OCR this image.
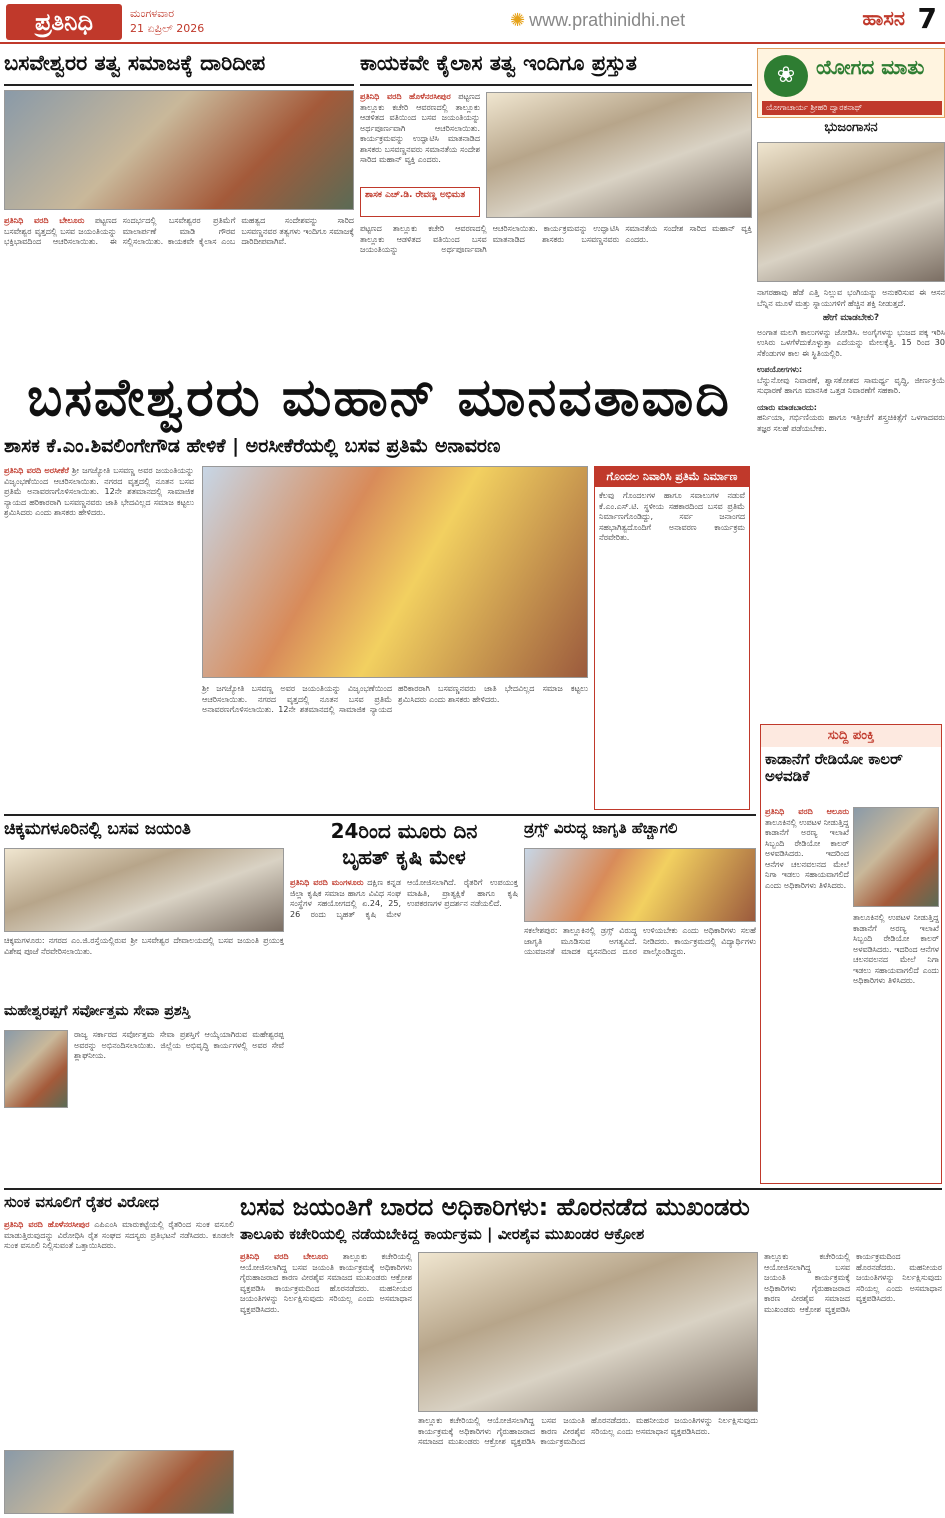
ಪ್ರತಿನಿಧಿ	ಮಂಗಳವಾರ
21 ಏಪ್ರಿಲ್ 2026	✺ www.prathinidhi.net	ಹಾಸನ 7
ಬಸವೇಶ್ವರರ ತತ್ವ ಸಮಾಜಕ್ಕೆ ದಾರಿದೀಪ
ಪ್ರತಿನಿಧಿ ವರದಿ ಬೇಲೂರು ಪಟ್ಟಣದ ಬಸವೇಶ್ವರ ವೃತ್ತದಲ್ಲಿ ಬಸವ ಜಯಂತಿಯನ್ನು ಭಕ್ತಿಭಾವದಿಂದ ಆಚರಿಸಲಾಯಿತು. ಈ ಸಂದರ್ಭದಲ್ಲಿ ಬಸವೇಶ್ವರರ ಪ್ರತಿಮೆಗೆ ಮಾಲಾರ್ಪಣೆ ಮಾಡಿ ಗೌರವ ಸಲ್ಲಿಸಲಾಯಿತು. ಕಾಯಕವೇ ಕೈಲಾಸ ಎಂಬ ಮಹತ್ವದ ಸಂದೇಶವನ್ನು ಸಾರಿದ ಬಸವಣ್ಣನವರ ತತ್ವಗಳು ಇಂದಿಗೂ ಸಮಾಜಕ್ಕೆ ದಾರಿದೀಪವಾಗಿವೆ.
ಕಾಯಕವೇ ಕೈಲಾಸ ತತ್ವ ಇಂದಿಗೂ ಪ್ರಸ್ತುತ
ಪ್ರತಿನಿಧಿ ವರದಿ ಹೊಳೆನರಸೀಪುರ ಪಟ್ಟಣದ ತಾಲ್ಲೂಕು ಕಚೇರಿ ಆವರಣದಲ್ಲಿ ತಾಲ್ಲೂಕು ಆಡಳಿತದ ವತಿಯಿಂದ ಬಸವ ಜಯಂತಿಯನ್ನು ಅರ್ಥಪೂರ್ಣವಾಗಿ ಆಚರಿಸಲಾಯಿತು. ಕಾರ್ಯಕ್ರಮವನ್ನು ಉದ್ಘಾಟಿಸಿ ಮಾತನಾಡಿದ ಶಾಸಕರು ಬಸವಣ್ಣನವರು ಸಮಾನತೆಯ ಸಂದೇಶ ಸಾರಿದ ಮಹಾನ್ ವ್ಯಕ್ತಿ ಎಂದರು.
ಶಾಸಕ ಎಚ್.ಡಿ. ರೇವಣ್ಣ ಅಭಿಮತ
ಪಟ್ಟಣದ ತಾಲ್ಲೂಕು ಕಚೇರಿ ಆವರಣದಲ್ಲಿ ತಾಲ್ಲೂಕು ಆಡಳಿತದ ವತಿಯಿಂದ ಬಸವ ಜಯಂತಿಯನ್ನು ಅರ್ಥಪೂರ್ಣವಾಗಿ ಆಚರಿಸಲಾಯಿತು. ಕಾರ್ಯಕ್ರಮವನ್ನು ಉದ್ಘಾಟಿಸಿ ಮಾತನಾಡಿದ ಶಾಸಕರು ಬಸವಣ್ಣನವರು ಸಮಾನತೆಯ ಸಂದೇಶ ಸಾರಿದ ಮಹಾನ್ ವ್ಯಕ್ತಿ ಎಂದರು.
❀	ಯೋಗದ ಮಾತು
ಯೋಗಾಚಾರ್ಯ ಶ್ರೀಹರಿ ದ್ವಾರಕನಾಥ್
ಭುಜಂಗಾಸನ
ನಾಗರಹಾವು ಹೆಡೆ ಎತ್ತಿ ನಿಲ್ಲುವ ಭಂಗಿಯನ್ನು ಅನುಕರಿಸುವ ಈ ಆಸನ ಬೆನ್ನಿನ ಮೂಳೆ ಮತ್ತು ಸ್ನಾಯುಗಳಿಗೆ ಹೆಚ್ಚಿನ ಶಕ್ತಿ ನೀಡುತ್ತದೆ.
ಹೇಗೆ ಮಾಡಬೇಕು?
ಅಂಗಾತ ಮಲಗಿ ಕಾಲುಗಳನ್ನು ಜೋಡಿಸಿ. ಅಂಗೈಗಳನ್ನು ಭುಜದ ಪಕ್ಕ ಇರಿಸಿ ಉಸಿರು ಒಳಗೆಳೆದುಕೊಳ್ಳುತ್ತಾ ಎದೆಯನ್ನು ಮೇಲಕ್ಕೆತ್ತಿ. 15 ರಿಂದ 30 ಸೆಕೆಂಡುಗಳ ಕಾಲ ಈ ಸ್ಥಿತಿಯಲ್ಲಿರಿ.
ಉಪಯೋಗಗಳು:
ಬೆನ್ನುನೋವು ನಿವಾರಣೆ, ಶ್ವಾಸಕೋಶದ ಸಾಮರ್ಥ್ಯ ವೃದ್ಧಿ, ಜೀರ್ಣಕ್ರಿಯೆ ಸುಧಾರಣೆ ಹಾಗೂ ಮಾನಸಿಕ ಒತ್ತಡ ನಿವಾರಣೆಗೆ ಸಹಕಾರಿ.
ಯಾರು ಮಾಡಬಾರದು:
ಹರ್ನಿಯಾ, ಗರ್ಭಿಣಿಯರು ಹಾಗೂ ಇತ್ತೀಚೆಗೆ ಶಸ್ತ್ರಚಿಕಿತ್ಸೆಗೆ ಒಳಗಾದವರು ತಜ್ಞರ ಸಲಹೆ ಪಡೆಯಬೇಕು.
ಬಸವೇಶ್ವರರು ಮಹಾನ್ ಮಾನವತಾವಾದಿ
ಶಾಸಕ ಕೆ.ಎಂ.ಶಿವಲಿಂಗೇಗೌಡ ಹೇಳಿಕೆ | ಅರಸೀಕೆರೆಯಲ್ಲಿ ಬಸವ ಪ್ರತಿಮೆ ಅನಾವರಣ
ಪ್ರತಿನಿಧಿ ವರದಿ ಅರಸೀಕೆರೆ ಶ್ರೀ ಜಗಜ್ಯೋತಿ ಬಸವಣ್ಣ ಅವರ ಜಯಂತಿಯನ್ನು ವಿಜೃಂಭಣೆಯಿಂದ ಆಚರಿಸಲಾಯಿತು. ನಗರದ ವೃತ್ತದಲ್ಲಿ ನೂತನ ಬಸವ ಪ್ರತಿಮೆ ಅನಾವರಣಗೊಳಿಸಲಾಯಿತು. 12ನೇ ಶತಮಾನದಲ್ಲಿ ಸಾಮಾಜಿಕ ನ್ಯಾಯದ ಹರಿಕಾರರಾಗಿ ಬಸವಣ್ಣನವರು ಜಾತಿ ಭೇದವಿಲ್ಲದ ಸಮಾಜ ಕಟ್ಟಲು ಶ್ರಮಿಸಿದರು ಎಂದು ಶಾಸಕರು ಹೇಳಿದರು.
ಶ್ರೀ ಜಗಜ್ಯೋತಿ ಬಸವಣ್ಣ ಅವರ ಜಯಂತಿಯನ್ನು ವಿಜೃಂಭಣೆಯಿಂದ ಆಚರಿಸಲಾಯಿತು. ನಗರದ ವೃತ್ತದಲ್ಲಿ ನೂತನ ಬಸವ ಪ್ರತಿಮೆ ಅನಾವರಣಗೊಳಿಸಲಾಯಿತು. 12ನೇ ಶತಮಾನದಲ್ಲಿ ಸಾಮಾಜಿಕ ನ್ಯಾಯದ ಹರಿಕಾರರಾಗಿ ಬಸವಣ್ಣನವರು ಜಾತಿ ಭೇದವಿಲ್ಲದ ಸಮಾಜ ಕಟ್ಟಲು ಶ್ರಮಿಸಿದರು ಎಂದು ಶಾಸಕರು ಹೇಳಿದರು.
ಗೊಂದಲ ನಿವಾರಿಸಿ ಪ್ರತಿಮೆ ನಿರ್ಮಾಣ
ಕೆಲವು ಗೊಂದಲಗಳ ಹಾಗೂ ಸವಾಲುಗಳ ನಡುವೆ ಕೆ.ಎಂ.ಎಸ್.ಟಿ. ಸ್ಥಳೀಯ ಸಹಕಾರದಿಂದ ಬಸವ ಪ್ರತಿಮೆ ನಿರ್ಮಾಣಗೊಂಡಿದ್ದು, ಸರ್ವ ಜನಾಂಗದ ಸಹಭಾಗಿತ್ವದೊಂದಿಗೆ ಅನಾವರಣ ಕಾರ್ಯಕ್ರಮ ನೆರವೇರಿತು.
ಸುದ್ದಿ ಪಂಕ್ತಿ
ಕಾಡಾನೆಗೆ ರೇಡಿಯೋ ಕಾಲರ್ ಅಳವಡಿಕೆ
ಪ್ರತಿನಿಧಿ ವರದಿ ಆಲೂರು ತಾಲೂಕಿನಲ್ಲಿ ಉಪಟಳ ನೀಡುತ್ತಿದ್ದ ಕಾಡಾನೆಗೆ ಅರಣ್ಯ ಇಲಾಖೆ ಸಿಬ್ಬಂದಿ ರೇಡಿಯೋ ಕಾಲರ್ ಅಳವಡಿಸಿದರು. ಇದರಿಂದ ಆನೆಗಳ ಚಲನವಲನದ ಮೇಲೆ ನಿಗಾ ಇಡಲು ಸಹಾಯವಾಗಲಿದೆ ಎಂದು ಅಧಿಕಾರಿಗಳು ತಿಳಿಸಿದರು.
ತಾಲೂಕಿನಲ್ಲಿ ಉಪಟಳ ನೀಡುತ್ತಿದ್ದ ಕಾಡಾನೆಗೆ ಅರಣ್ಯ ಇಲಾಖೆ ಸಿಬ್ಬಂದಿ ರೇಡಿಯೋ ಕಾಲರ್ ಅಳವಡಿಸಿದರು. ಇದರಿಂದ ಆನೆಗಳ ಚಲನವಲನದ ಮೇಲೆ ನಿಗಾ ಇಡಲು ಸಹಾಯವಾಗಲಿದೆ ಎಂದು ಅಧಿಕಾರಿಗಳು ತಿಳಿಸಿದರು.
ಚಿಕ್ಕಮಗಳೂರಿನಲ್ಲಿ ಬಸವ ಜಯಂತಿ
ಚಿಕ್ಕಮಗಳೂರು: ನಗರದ ಎಂ.ಜಿ.ರಸ್ತೆಯಲ್ಲಿರುವ ಶ್ರೀ ಬಸವೇಶ್ವರ ದೇವಾಲಯದಲ್ಲಿ ಬಸವ ಜಯಂತಿ ಪ್ರಯುಕ್ತ ವಿಶೇಷ ಪೂಜೆ ನೆರವೇರಿಸಲಾಯಿತು.
ಮಹೇಶ್ವರಪ್ಪಗೆ ಸರ್ವೋತ್ತಮ ಸೇವಾ ಪ್ರಶಸ್ತಿ
ರಾಜ್ಯ ಸರ್ಕಾರದ ಸರ್ವೋತ್ತಮ ಸೇವಾ ಪ್ರಶಸ್ತಿಗೆ ಆಯ್ಕೆಯಾಗಿರುವ ಮಹೇಶ್ವರಪ್ಪ ಅವರನ್ನು ಅಭಿನಂದಿಸಲಾಯಿತು. ಜಿಲ್ಲೆಯ ಅಭಿವೃದ್ಧಿ ಕಾರ್ಯಗಳಲ್ಲಿ ಅವರ ಸೇವೆ ಶ್ಲಾಘನೀಯ.
24ರಿಂದ ಮೂರು ದಿನ
ಬೃಹತ್ ಕೃಷಿ ಮೇಳ
ಪ್ರತಿನಿಧಿ ವರದಿ ಮಂಗಳೂರು ದಕ್ಷಿಣ ಕನ್ನಡ ಜಿಲ್ಲಾ ಕೃಷಿಕ ಸಮಾಜ ಹಾಗೂ ವಿವಿಧ ಸಂಘ ಸಂಸ್ಥೆಗಳ ಸಹಯೋಗದಲ್ಲಿ ಏ.24, 25, 26 ರಂದು ಬೃಹತ್ ಕೃಷಿ ಮೇಳ ಆಯೋಜಿಸಲಾಗಿದೆ. ರೈತರಿಗೆ ಉಪಯುಕ್ತ ಮಾಹಿತಿ, ಪ್ರಾತ್ಯಕ್ಷಿಕೆ ಹಾಗೂ ಕೃಷಿ ಉಪಕರಣಗಳ ಪ್ರದರ್ಶನ ನಡೆಯಲಿದೆ.
ಡ್ರಗ್ಸ್ ವಿರುದ್ಧ ಜಾಗೃತಿ ಹೆಚ್ಚಾಗಲಿ
ಸಕಲೇಶಪುರ: ತಾಲ್ಲೂಕಿನಲ್ಲಿ ಡ್ರಗ್ಸ್ ವಿರುದ್ಧ ಜಾಗೃತಿ ಮೂಡಿಸುವ ಅಗತ್ಯವಿದೆ. ಯುವಜನತೆ ಮಾದಕ ವ್ಯಸನದಿಂದ ದೂರ ಉಳಿಯಬೇಕು ಎಂದು ಅಧಿಕಾರಿಗಳು ಸಲಹೆ ನೀಡಿದರು. ಕಾರ್ಯಕ್ರಮದಲ್ಲಿ ವಿದ್ಯಾರ್ಥಿಗಳು ಪಾಲ್ಗೊಂಡಿದ್ದರು.
ಸುಂಕ ವಸೂಲಿಗೆ ರೈತರ ವಿರೋಧ
ಪ್ರತಿನಿಧಿ ವರದಿ ಹೊಳೆನರಸೀಪುರ ಎಪಿಎಂಸಿ ಮಾರುಕಟ್ಟೆಯಲ್ಲಿ ರೈತರಿಂದ ಸುಂಕ ವಸೂಲಿ ಮಾಡುತ್ತಿರುವುದನ್ನು ವಿರೋಧಿಸಿ ರೈತ ಸಂಘದ ಸದಸ್ಯರು ಪ್ರತಿಭಟನೆ ನಡೆಸಿದರು. ಕೂಡಲೇ ಸುಂಕ ವಸೂಲಿ ನಿಲ್ಲಿಸುವಂತೆ ಒತ್ತಾಯಿಸಿದರು.
ಬಸವ ಜಯಂತಿಗೆ ಬಾರದ ಅಧಿಕಾರಿಗಳು: ಹೊರನಡೆದ ಮುಖಂಡರು
ತಾಲೂಕು ಕಚೇರಿಯಲ್ಲಿ ನಡೆಯಬೇಕಿದ್ದ ಕಾರ್ಯಕ್ರಮ | ವೀರಶೈವ ಮುಖಂಡರ ಆಕ್ರೋಶ
ಪ್ರತಿನಿಧಿ ವರದಿ ಬೇಲೂರು ತಾಲ್ಲೂಕು ಕಚೇರಿಯಲ್ಲಿ ಆಯೋಜಿಸಲಾಗಿದ್ದ ಬಸವ ಜಯಂತಿ ಕಾರ್ಯಕ್ರಮಕ್ಕೆ ಅಧಿಕಾರಿಗಳು ಗೈರುಹಾಜರಾದ ಕಾರಣ ವೀರಶೈವ ಸಮಾಜದ ಮುಖಂಡರು ಆಕ್ರೋಶ ವ್ಯಕ್ತಪಡಿಸಿ ಕಾರ್ಯಕ್ರಮದಿಂದ ಹೊರನಡೆದರು. ಮಹನೀಯರ ಜಯಂತಿಗಳನ್ನು ನಿರ್ಲಕ್ಷಿಸುವುದು ಸರಿಯಲ್ಲ ಎಂದು ಅಸಮಾಧಾನ ವ್ಯಕ್ತಪಡಿಸಿದರು.
ತಾಲ್ಲೂಕು ಕಚೇರಿಯಲ್ಲಿ ಆಯೋಜಿಸಲಾಗಿದ್ದ ಬಸವ ಜಯಂತಿ ಕಾರ್ಯಕ್ರಮಕ್ಕೆ ಅಧಿಕಾರಿಗಳು ಗೈರುಹಾಜರಾದ ಕಾರಣ ವೀರಶೈವ ಸಮಾಜದ ಮುಖಂಡರು ಆಕ್ರೋಶ ವ್ಯಕ್ತಪಡಿಸಿ ಕಾರ್ಯಕ್ರಮದಿಂದ ಹೊರನಡೆದರು. ಮಹನೀಯರ ಜಯಂತಿಗಳನ್ನು ನಿರ್ಲಕ್ಷಿಸುವುದು ಸರಿಯಲ್ಲ ಎಂದು ಅಸಮಾಧಾನ ವ್ಯಕ್ತಪಡಿಸಿದರು.
ತಾಲ್ಲೂಕು ಕಚೇರಿಯಲ್ಲಿ ಆಯೋಜಿಸಲಾಗಿದ್ದ ಬಸವ ಜಯಂತಿ ಕಾರ್ಯಕ್ರಮಕ್ಕೆ ಅಧಿಕಾರಿಗಳು ಗೈರುಹಾಜರಾದ ಕಾರಣ ವೀರಶೈವ ಸಮಾಜದ ಮುಖಂಡರು ಆಕ್ರೋಶ ವ್ಯಕ್ತಪಡಿಸಿ ಕಾರ್ಯಕ್ರಮದಿಂದ ಹೊರನಡೆದರು. ಮಹನೀಯರ ಜಯಂತಿಗಳನ್ನು ನಿರ್ಲಕ್ಷಿಸುವುದು ಸರಿಯಲ್ಲ ಎಂದು ಅಸಮಾಧಾನ ವ್ಯಕ್ತಪಡಿಸಿದರು.
